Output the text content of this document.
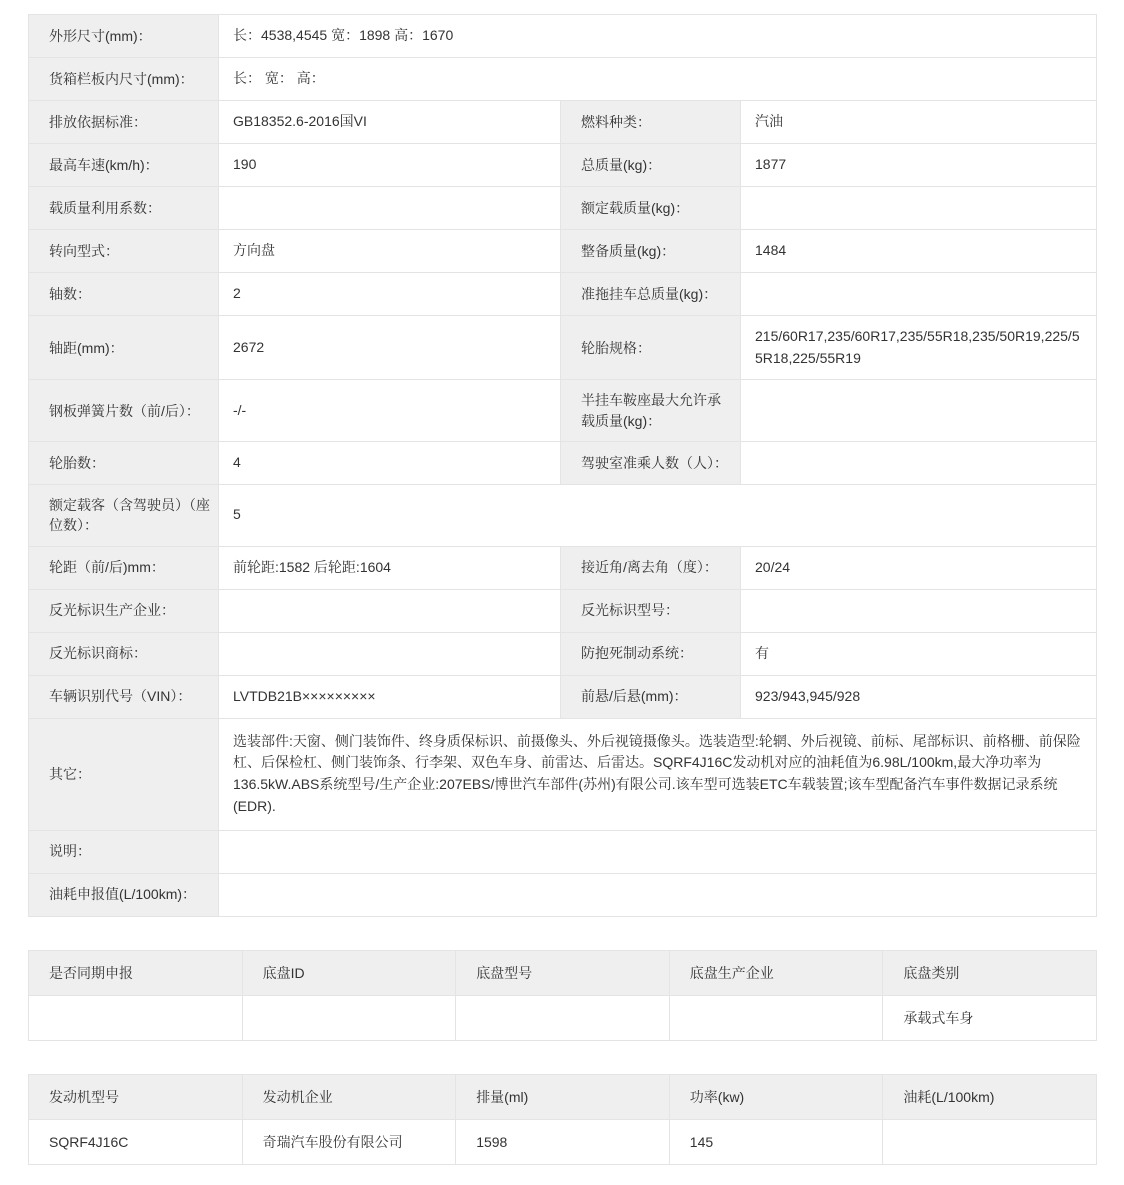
外形尺寸(mm)：	长：4538,4545 宽：1898 高：1670		
货箱栏板内尺寸(mm)：	长： 宽： 高：		
排放依据标准：	GB18352.6-2016国VI	燃料种类：	汽油
最高车速(km/h)：	190	总质量(kg)：	1877
载质量利用系数：		额定载质量(kg)：	
转向型式：	方向盘	整备质量(kg)：	1484
轴数：	2	准拖挂车总质量(kg)：	
轴距(mm)：	2672	轮胎规格：	215/60R17,235/60R17,235/55R18,235/50R19,225/55R18,225/55R19
钢板弹簧片数（前/后）：	-/-	半挂车鞍座最大允许承载质量(kg)：	
轮胎数：	4	驾驶室准乘人数（人）：	
额定载客（含驾驶员）（座位数）：	5		
轮距（前/后)mm：	前轮距:1582 后轮距:1604	接近角/离去角（度）：	20/24
反光标识生产企业：		反光标识型号：	
反光标识商标：		防抱死制动系统：	有
车辆识别代号（VIN）：	LVTDB21B×××××××××	前悬/后悬(mm)：	923/943,945/928
其它：	选装部件:天窗、侧门装饰件、终身质保标识、前摄像头、外后视镜摄像头。选装造型:轮辋、外后视镜、前标、尾部标识、前格栅、前保险杠、后保检杠、侧门装饰条、行李架、双色车身、前雷达、后雷达。SQRF4J16C发动机对应的油耗值为6.98L/100km,最大净功率为136.5kW.ABS系统型号/生产企业:207EBS/博世汽车部件(苏州)有限公司.该车型可选装ETC车载装置;该车型配备汽车事件数据记录系统(EDR).		
说明：			
油耗申报值(L/100km)：			
是否同期申报	底盘ID	底盘型号	底盘生产企业	底盘类别
				承载式车身
发动机型号	发动机企业	排量(ml)	功率(kw)	油耗(L/100km)
SQRF4J16C	奇瑞汽车股份有限公司	1598	145	
